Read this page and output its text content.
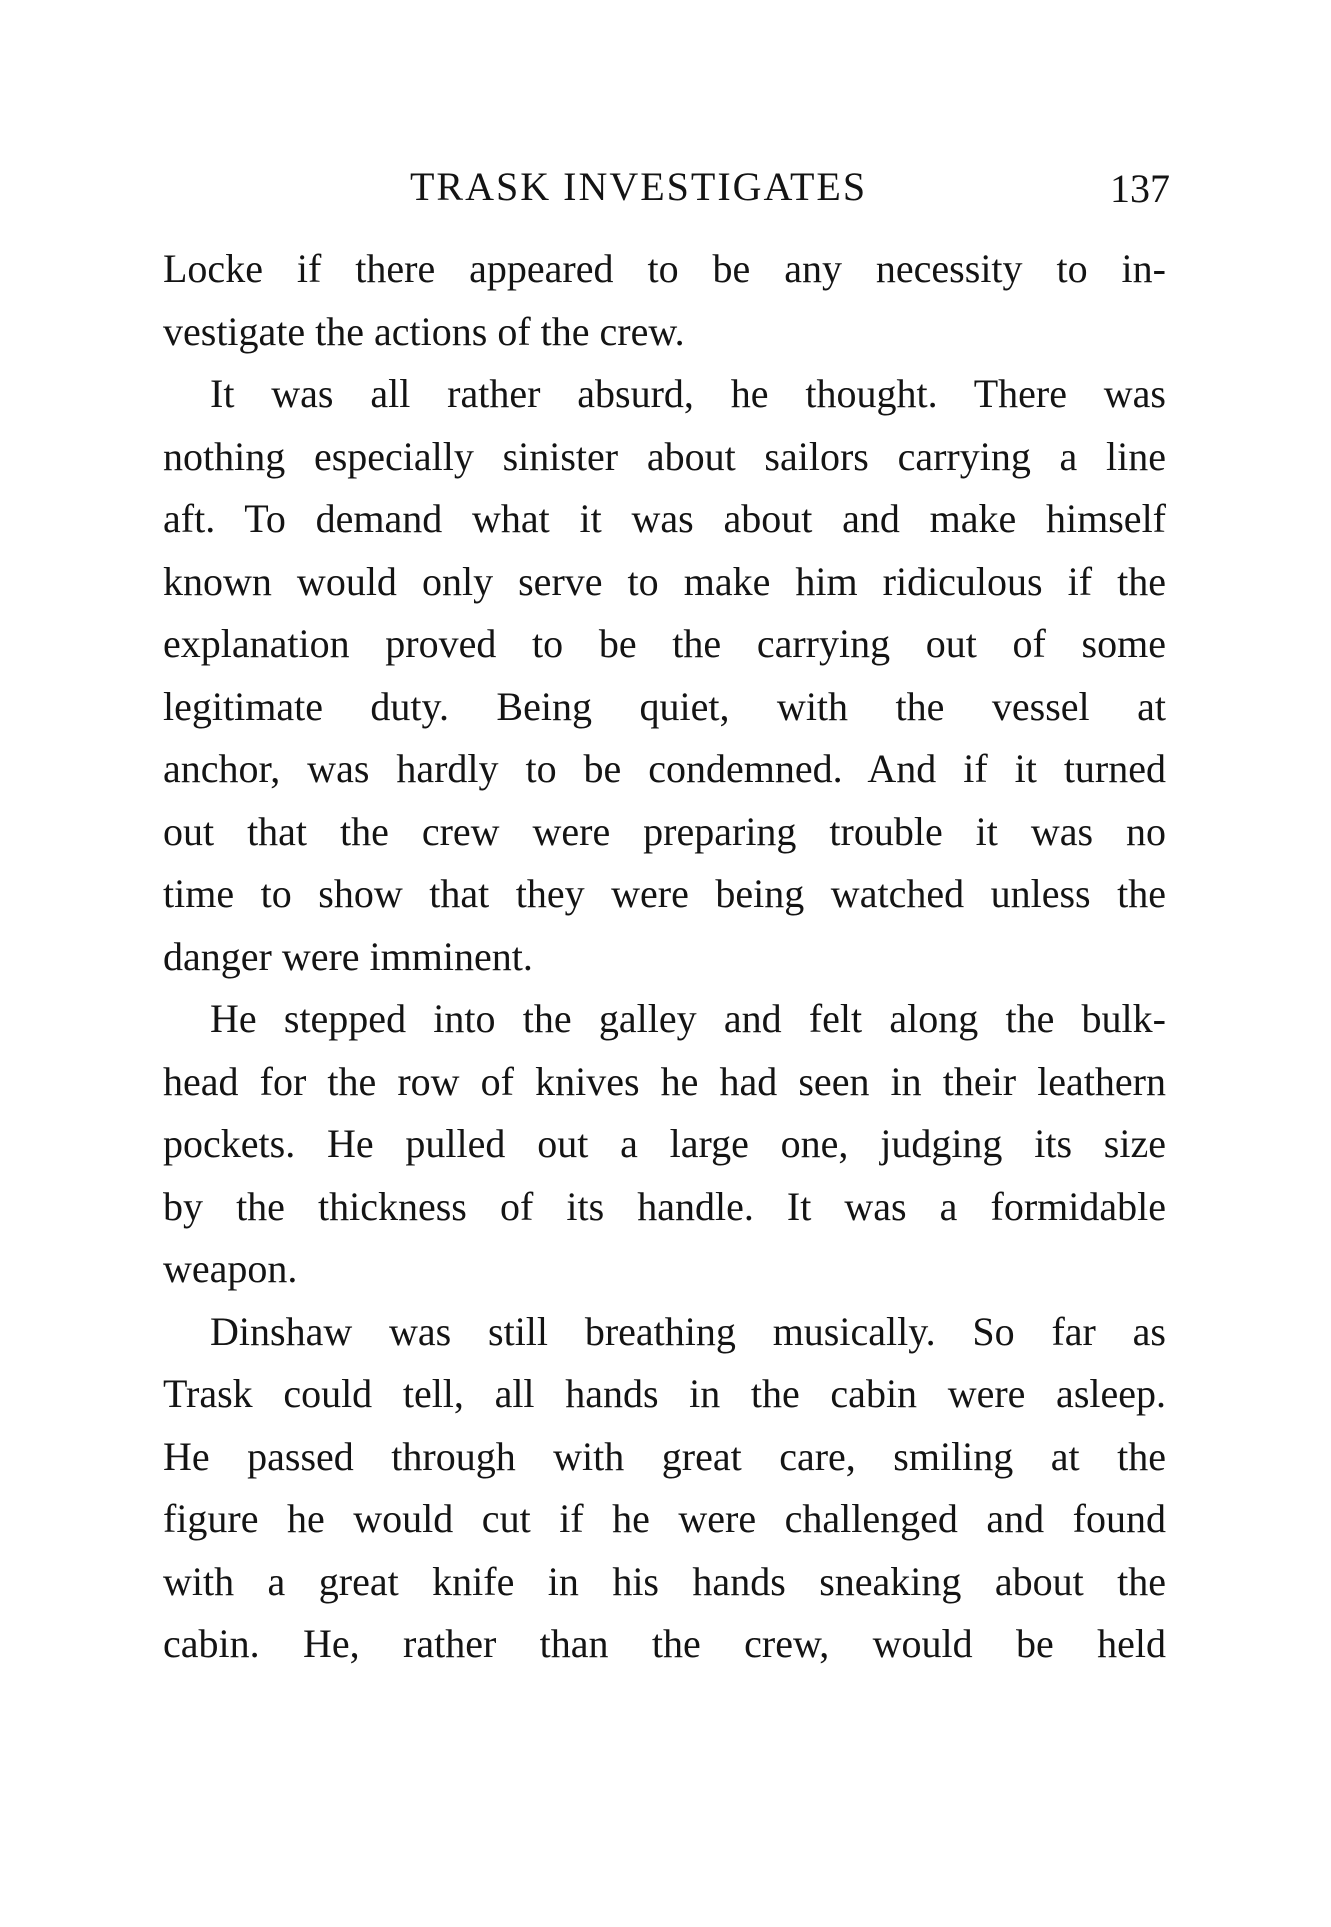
TRASK INVESTIGATES	137
Locke if there appeared to be any necessity to in-
vestigate the actions of the crew.
It was all rather absurd, he thought. There was
nothing especially sinister about sailors carrying a line
aft. To demand what it was about and make himself
known would only serve to make him ridiculous if the
explanation proved to be the carrying out of some
legitimate duty. Being quiet, with the vessel at
anchor, was hardly to be condemned. And if it turned
out that the crew were preparing trouble it was no
time to show that they were being watched unless the
danger were imminent.
He stepped into the galley and felt along the bulk-
head for the row of knives he had seen in their leathern
pockets. He pulled out a large one, judging its size
by the thickness of its handle. It was a formidable
weapon.
Dinshaw was still breathing musically. So far as
Trask could tell, all hands in the cabin were asleep.
He passed through with great care, smiling at the
figure he would cut if he were challenged and found
with a great knife in his hands sneaking about the
cabin. He, rather than the crew, would be held
